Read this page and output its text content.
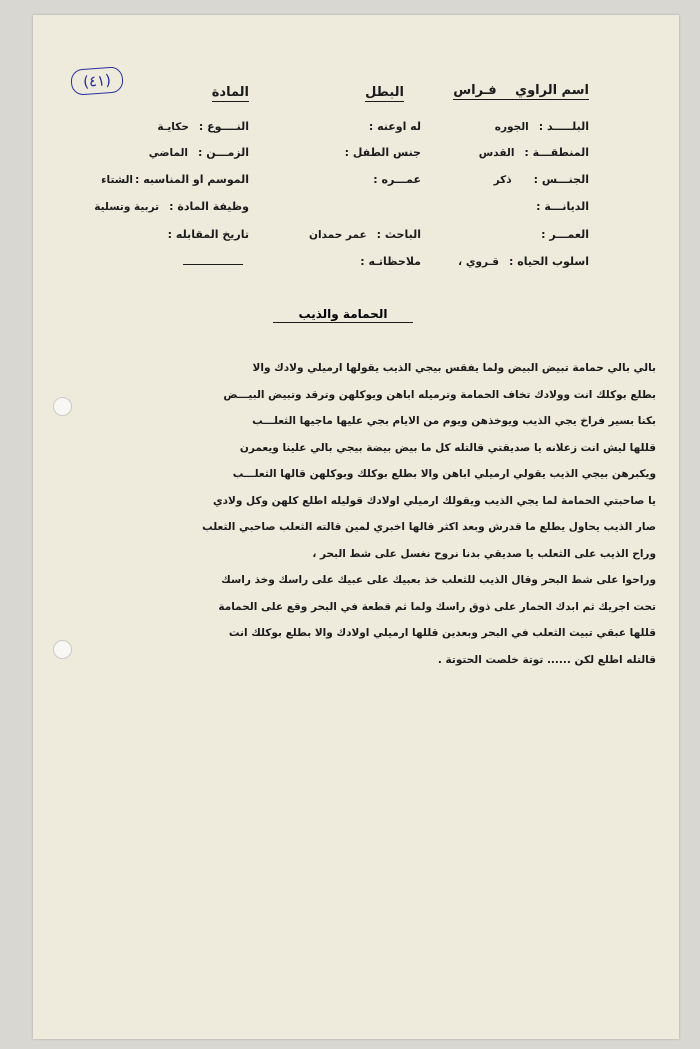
(٤١)
اسم الراوي فـراس
البطل
المادة
البلـــــد :الجوره
المنطقـــة :القدس
الجنـــس :ذكر
الديانـــة :
العمـــر :
اسلوب الحياه :قـروي ،
له اوعنه :
جنس الطفل :
عمـــره :
الباحث :عمر حمدان
ملاحظاتـه :
النــــوع :حكايـة
الزمـــن :الماضي
الموسم او المناسبه :الشتاء
وظيفة المادة :تربية وتسلية
تاريخ المقابله :
الحمامة والذيب
بالي بالي حمامة تبيض البيض ولما يفقس بيجي الذيب يقولها ارميلي ولادك والا
بطلع بوكلك انت وولادك تخاف الحمامة وترميله اباهن ويوكلهن وترقد وتبيض البيـــض
بكنا بسير فراخ يجي الذيب ويوخذهن ويوم من الايام بجي عليها ماجيها الثعلـــب
قللها ليش انت زعلانه يا صديقتي قالتله كل ما بيض بيضة بيجي بالي علينا ويعمرن
ويكبرهن بيجي الذيب يقولي ارميلي اباهن والا بطلع بوكلك وبوكلهن قالها الثعلـــب
يا صاحبتي الحمامة لما يجي الذيب ويقولك ارميلي اولادك قوليله اطلع كلهن وكل ولادي
صار الذيب يحاول يطلع ما قدرش وبعد اكثر قالها اخبري لمين قالته الثعلب صاحبي الثعلب
وراح الذيب على الثعلب يا صديقي بدنا نروح نغسل على شط البحر ،
وراحوا على شط البحر وقال الذيب للثعلب خذ بعبيك على عبيك على راسك وخذ راسك
تحت اجريك ثم ابدك الحمار على ذوق راسك ولما ثم قطعة في البحر وقع على الحمامة
قللها عبقي تبيت الثعلب في البحر وبعدين قللها ارميلي اولادك والا بطلع بوكلك انت
قالتله اطلع لكن ...... توتة خلصت الحتوتة .
